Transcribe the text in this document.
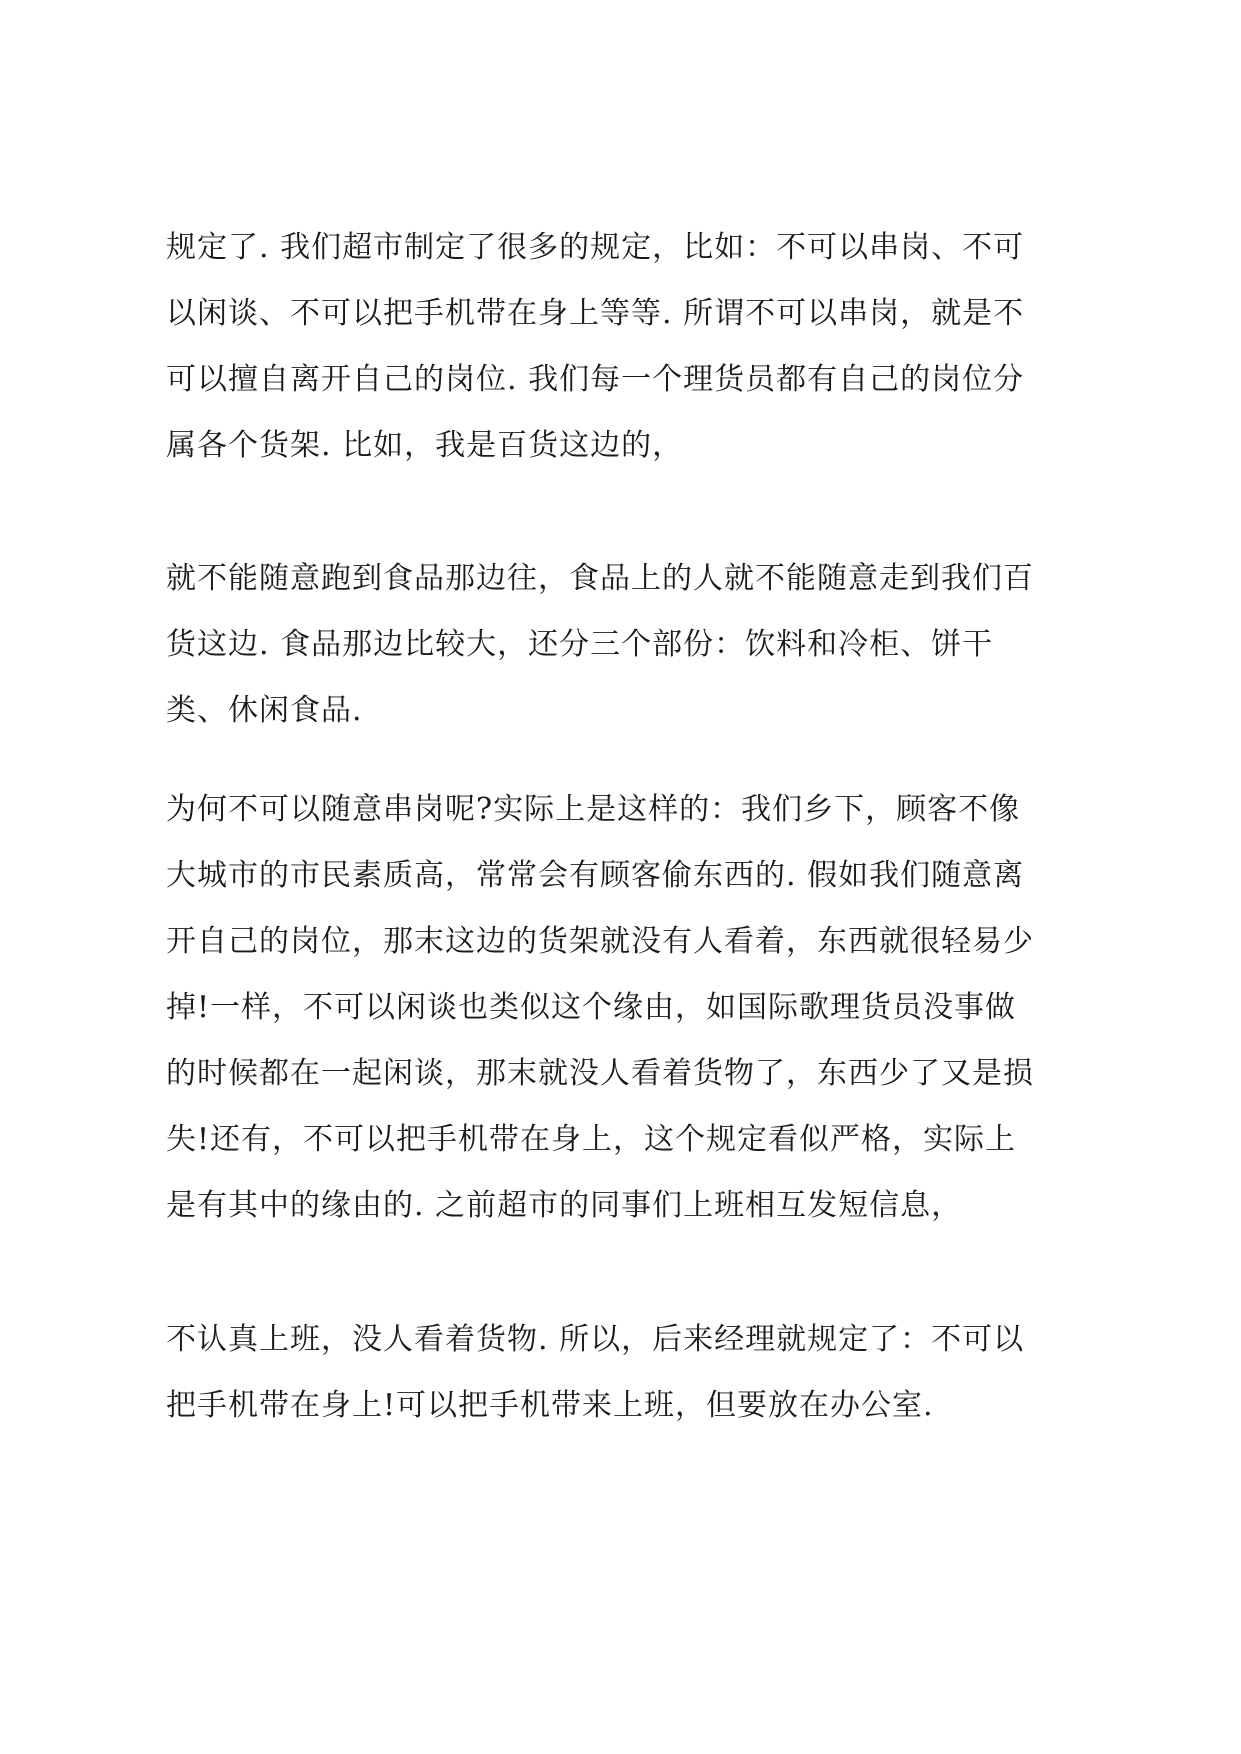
规定了. 我们超市制定了很多的规定，比如：不可以串岗、不可
以闲谈、不可以把手机带在身上等等. 所谓不可以串岗，就是不
可以擅自离开自己的岗位. 我们每一个理货员都有自己的岗位分
属各个货架. 比如，我是百货这边的，
就不能随意跑到食品那边往，食品上的人就不能随意走到我们百
货这边. 食品那边比较大，还分三个部份：饮料和冷柜、饼干
类、休闲食品.
为何不可以随意串岗呢?实际上是这样的：我们乡下，顾客不像
大城市的市民素质高，常常会有顾客偷东西的. 假如我们随意离
开自己的岗位，那末这边的货架就没有人看着，东西就很轻易少
掉!一样，不可以闲谈也类似这个缘由，如国际歌理货员没事做
的时候都在一起闲谈，那末就没人看着货物了，东西少了又是损
失!还有，不可以把手机带在身上，这个规定看似严格，实际上
是有其中的缘由的. 之前超市的同事们上班相互发短信息，
不认真上班，没人看着货物. 所以，后来经理就规定了：不可以
把手机带在身上!可以把手机带来上班，但要放在办公室.
